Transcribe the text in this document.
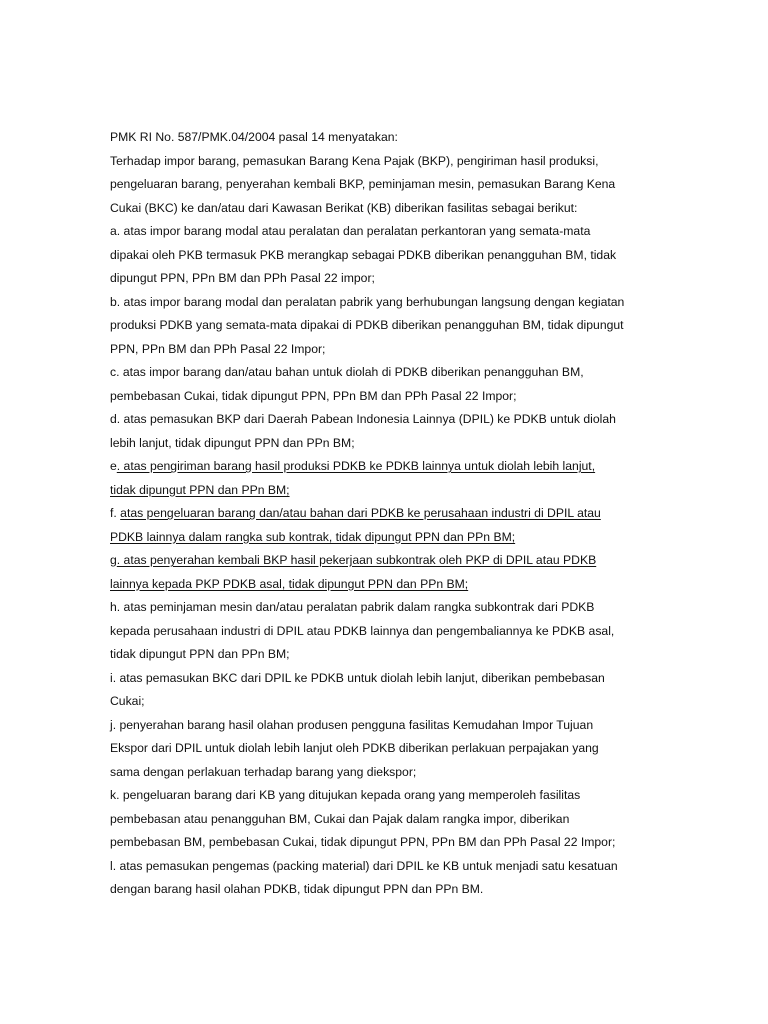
PMK RI No. 587/PMK.04/2004 pasal 14 menyatakan:
Terhadap impor barang, pemasukan Barang Kena Pajak (BKP), pengiriman hasil produksi,
pengeluaran barang, penyerahan kembali BKP, peminjaman mesin, pemasukan Barang Kena
Cukai (BKC) ke dan/atau dari Kawasan Berikat (KB) diberikan fasilitas sebagai berikut:
a. atas impor barang modal atau peralatan dan peralatan perkantoran yang semata-mata
dipakai oleh PKB termasuk PKB merangkap sebagai PDKB diberikan penangguhan BM, tidak
dipungut PPN, PPn BM dan PPh Pasal 22 impor;
b. atas impor barang modal dan peralatan pabrik yang berhubungan langsung dengan kegiatan
produksi PDKB yang semata-mata dipakai di PDKB diberikan penangguhan BM, tidak dipungut
PPN, PPn BM dan PPh Pasal 22 Impor;
c. atas impor barang dan/atau bahan untuk diolah di PDKB diberikan penangguhan BM,
pembebasan Cukai, tidak dipungut PPN, PPn BM dan PPh Pasal 22 Impor;
d. atas pemasukan BKP dari Daerah Pabean Indonesia Lainnya (DPIL) ke PDKB untuk diolah
lebih lanjut, tidak dipungut PPN dan PPn BM;
e. atas pengiriman barang hasil produksi PDKB ke PDKB lainnya untuk diolah lebih lanjut,
tidak dipungut PPN dan PPn BM;
f. atas pengeluaran barang dan/atau bahan dari PDKB ke perusahaan industri di DPIL atau
PDKB lainnya dalam rangka sub kontrak, tidak dipungut PPN dan PPn BM;
g. atas penyerahan kembali BKP hasil pekerjaan subkontrak oleh PKP di DPIL atau PDKB
lainnya kepada PKP PDKB asal, tidak dipungut PPN dan PPn BM;
h. atas peminjaman mesin dan/atau peralatan pabrik dalam rangka subkontrak dari PDKB
kepada perusahaan industri di DPIL atau PDKB lainnya dan pengembaliannya ke PDKB asal,
tidak dipungut PPN dan PPn BM;
i. atas pemasukan BKC dari DPIL ke PDKB untuk diolah lebih lanjut, diberikan pembebasan
Cukai;
j. penyerahan barang hasil olahan produsen pengguna fasilitas Kemudahan Impor Tujuan
Ekspor dari DPIL untuk diolah lebih lanjut oleh PDKB diberikan perlakuan perpajakan yang
sama dengan perlakuan terhadap barang yang diekspor;
k. pengeluaran barang dari KB yang ditujukan kepada orang yang memperoleh fasilitas
pembebasan atau penangguhan BM, Cukai dan Pajak dalam rangka impor, diberikan
pembebasan BM, pembebasan Cukai, tidak dipungut PPN, PPn BM dan PPh Pasal 22 Impor;
l. atas pemasukan pengemas (packing material) dari DPIL ke KB untuk menjadi satu kesatuan
dengan barang hasil olahan PDKB, tidak dipungut PPN dan PPn BM.
